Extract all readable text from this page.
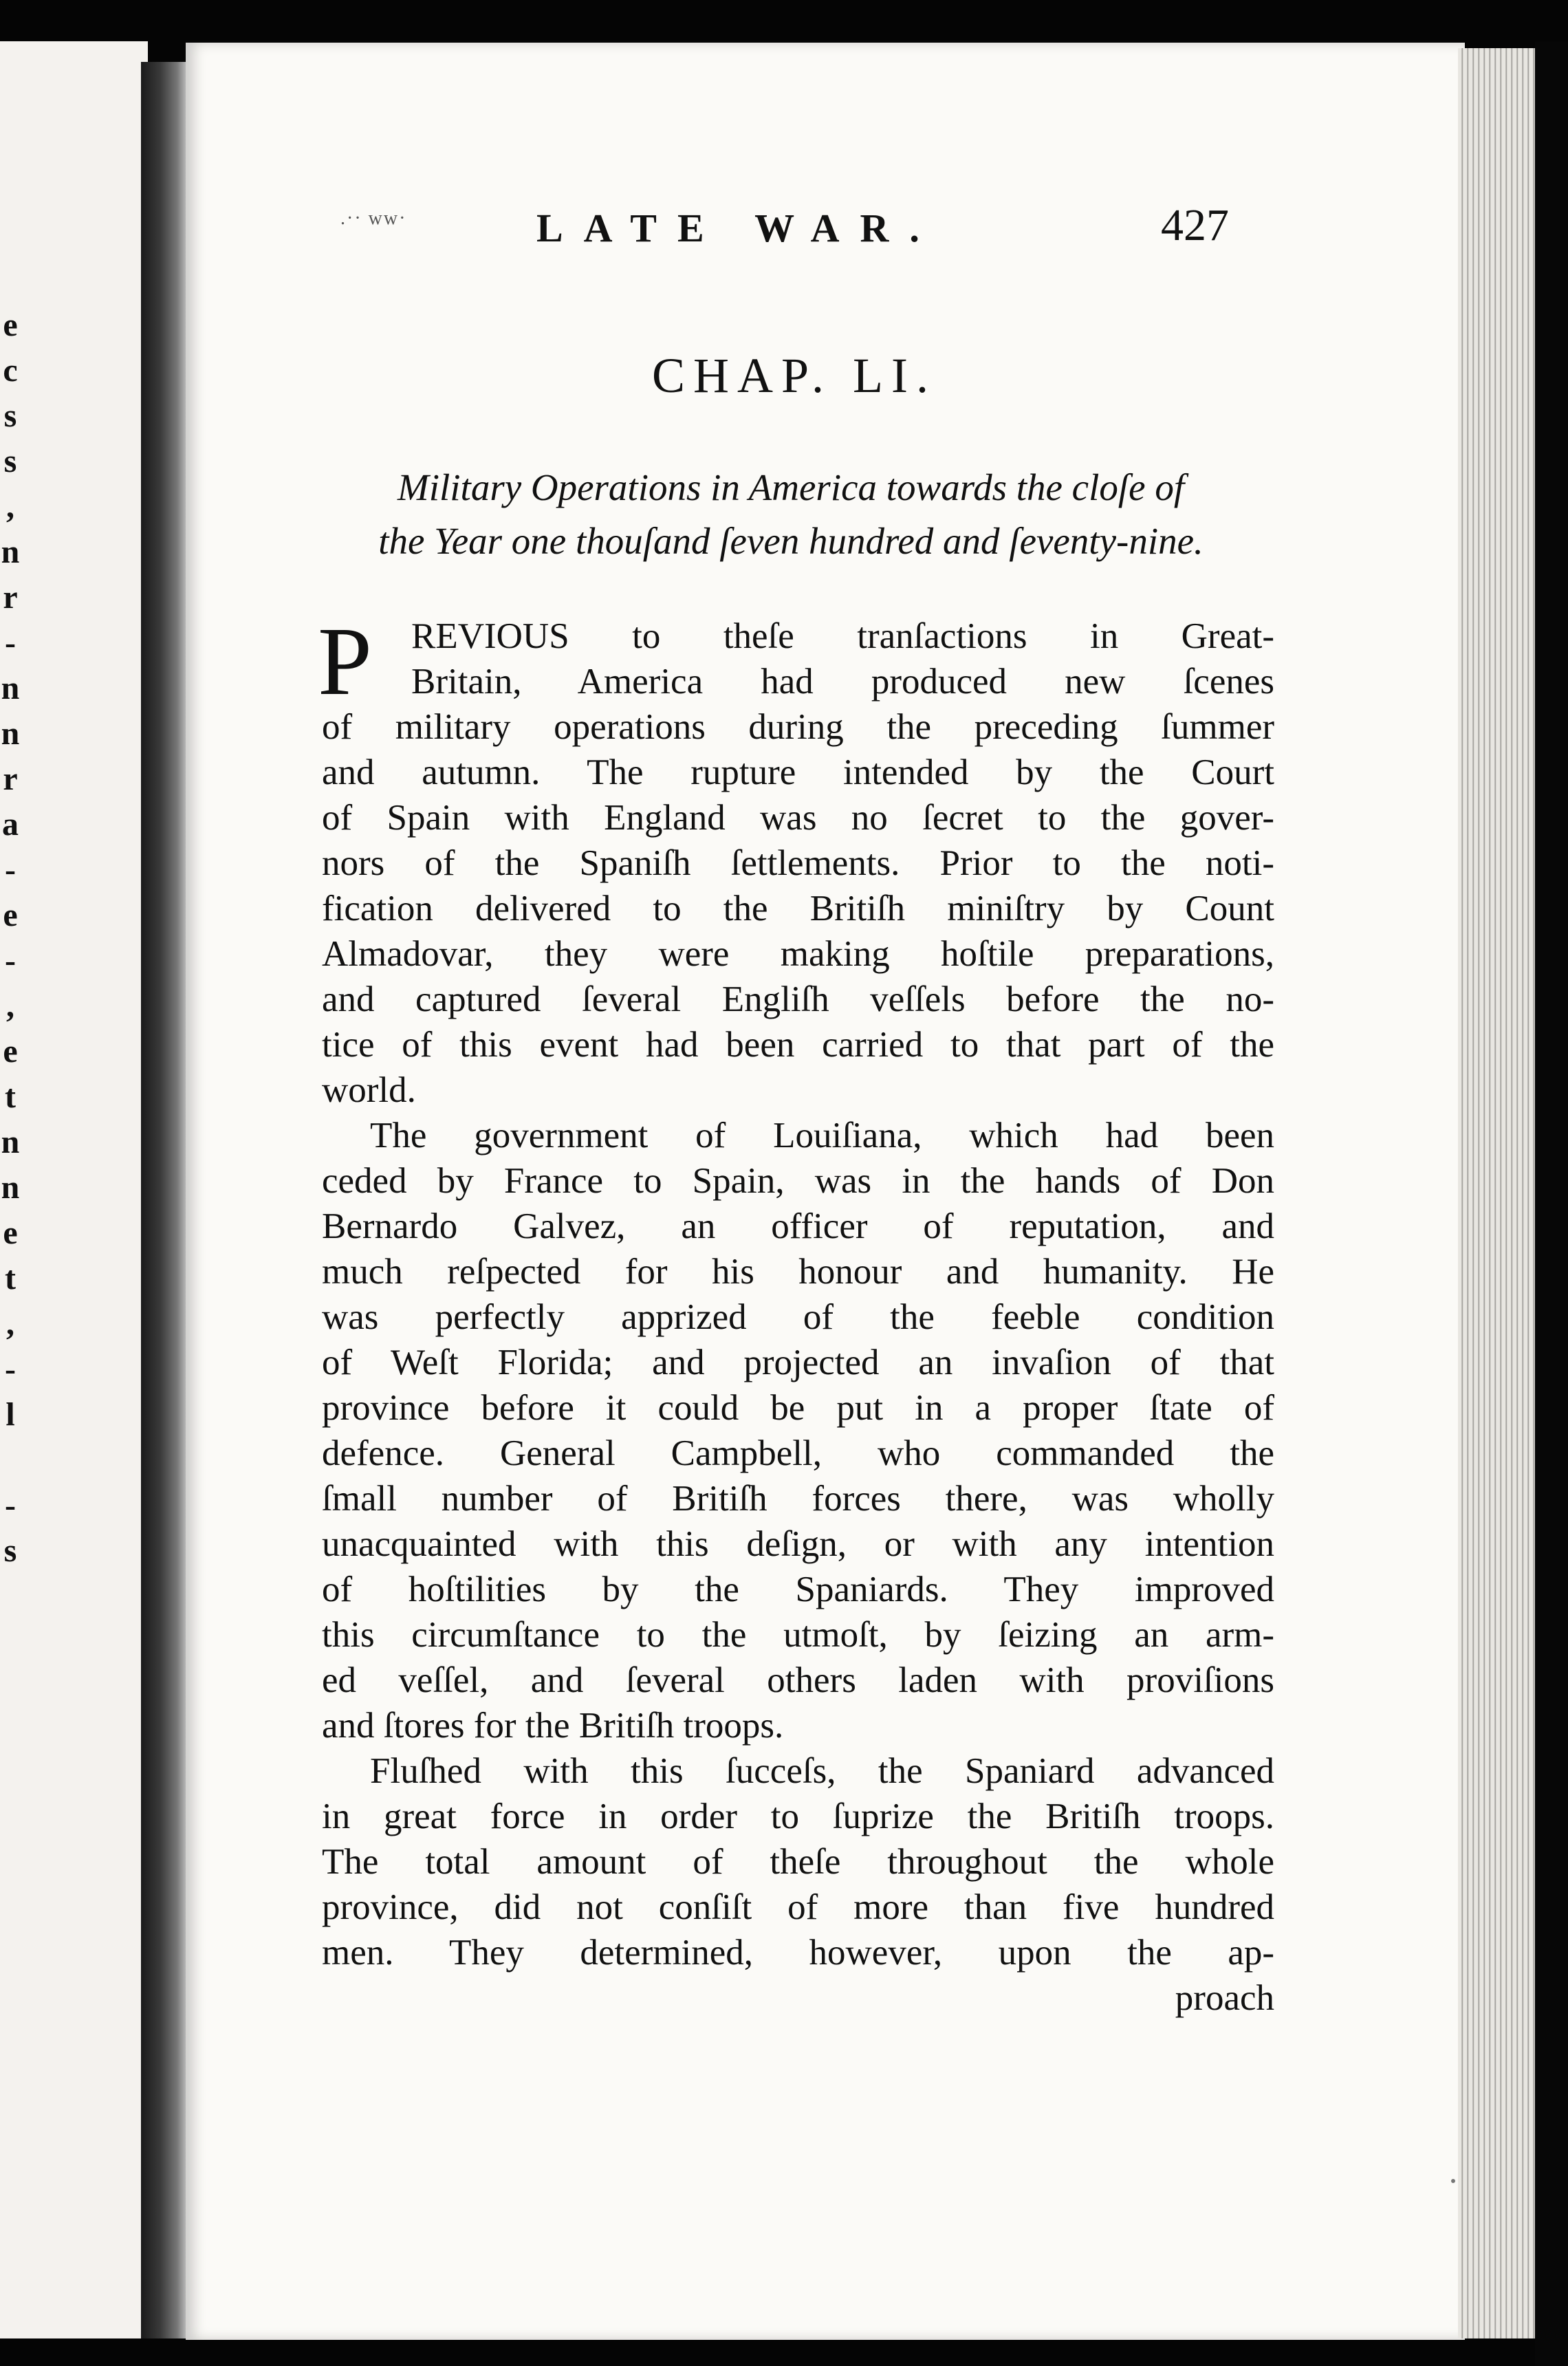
e
c
s
s
,
n
r
-
n
n
r
a
-
e
-
,
e
t
n
n
e
t
,
-
l
-
s
.·· ww·	LATE WAR.	427
CHAP. LI.
Military Operations in America towards the cloſe of
the Year one thouſand ſeven hundred and ſeventy-nine.
P	REVIOUS to theſe tranſactions in Great-
Britain, America had produced new ſcenes
of military operations during the preceding ſummer
and autumn. The rupture intended by the Court
of Spain with England was no ſecret to the gover-
nors of the Spaniſh ſettlements. Prior to the noti-
fication delivered to the Britiſh miniſtry by Count
Almadovar, they were making hoſtile preparations,
and captured ſeveral Engliſh veſſels before the no-
tice of this event had been carried to that part of the
world.
The government of Louiſiana, which had been
ceded by France to Spain, was in the hands of Don
Bernardo Galvez, an officer of reputation, and
much reſpected for his honour and humanity. He
was perfectly apprized of the feeble condition
of Weſt Florida; and projected an invaſion of that
province before it could be put in a proper ſtate of
defence. General Campbell, who commanded the
ſmall number of Britiſh forces there, was wholly
unacquainted with this deſign, or with any intention
of hoſtilities by the Spaniards. They improved
this circumſtance to the utmoſt, by ſeizing an arm-
ed veſſel, and ſeveral others laden with proviſions
and ſtores for the Britiſh troops.
Fluſhed with this ſucceſs, the Spaniard advanced
in great force in order to ſuprize the Britiſh troops.
The total amount of theſe throughout the whole
province, did not conſiſt of more than five hundred
men. They determined, however, upon the ap-
proach
